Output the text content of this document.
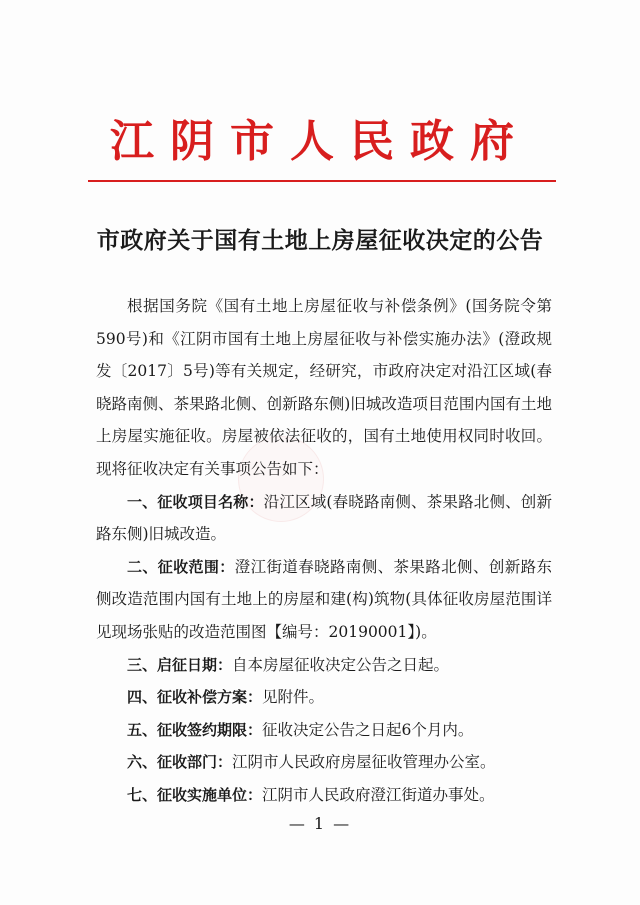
江阴市人民政府
市政府关于国有土地上房屋征收决定的公告

根据国务院《国有土地上房屋征收与补偿条例》(国务院令第590号)和《江阴市国有土地上房屋征收与补偿实施办法》(澄政规发〔2017〕5号)等有关规定，经研究，市政府决定对沿江区域(春晓路南侧、茶果路北侧、创新路东侧)旧城改造项目范围内国有土地上房屋实施征收。房屋被依法征收的，国有土地使用权同时收回。现将征收决定有关事项公告如下：

一、征收项目名称：沿江区域(春晓路南侧、茶果路北侧、创新路东侧)旧城改造。

二、征收范围：澄江街道春晓路南侧、茶果路北侧、创新路东侧改造范围内国有土地上的房屋和建(构)筑物(具体征收房屋范围详见现场张贴的改造范围图【编号：20190001】)。

三、启征日期：自本房屋征收决定公告之日起。

四、征收补偿方案：见附件。

五、征收签约期限：征收决定公告之日起6个月内。

六、征收部门：江阴市人民政府房屋征收管理办公室。

七、征收实施单位：江阴市人民政府澄江街道办事处。

— 1 —
